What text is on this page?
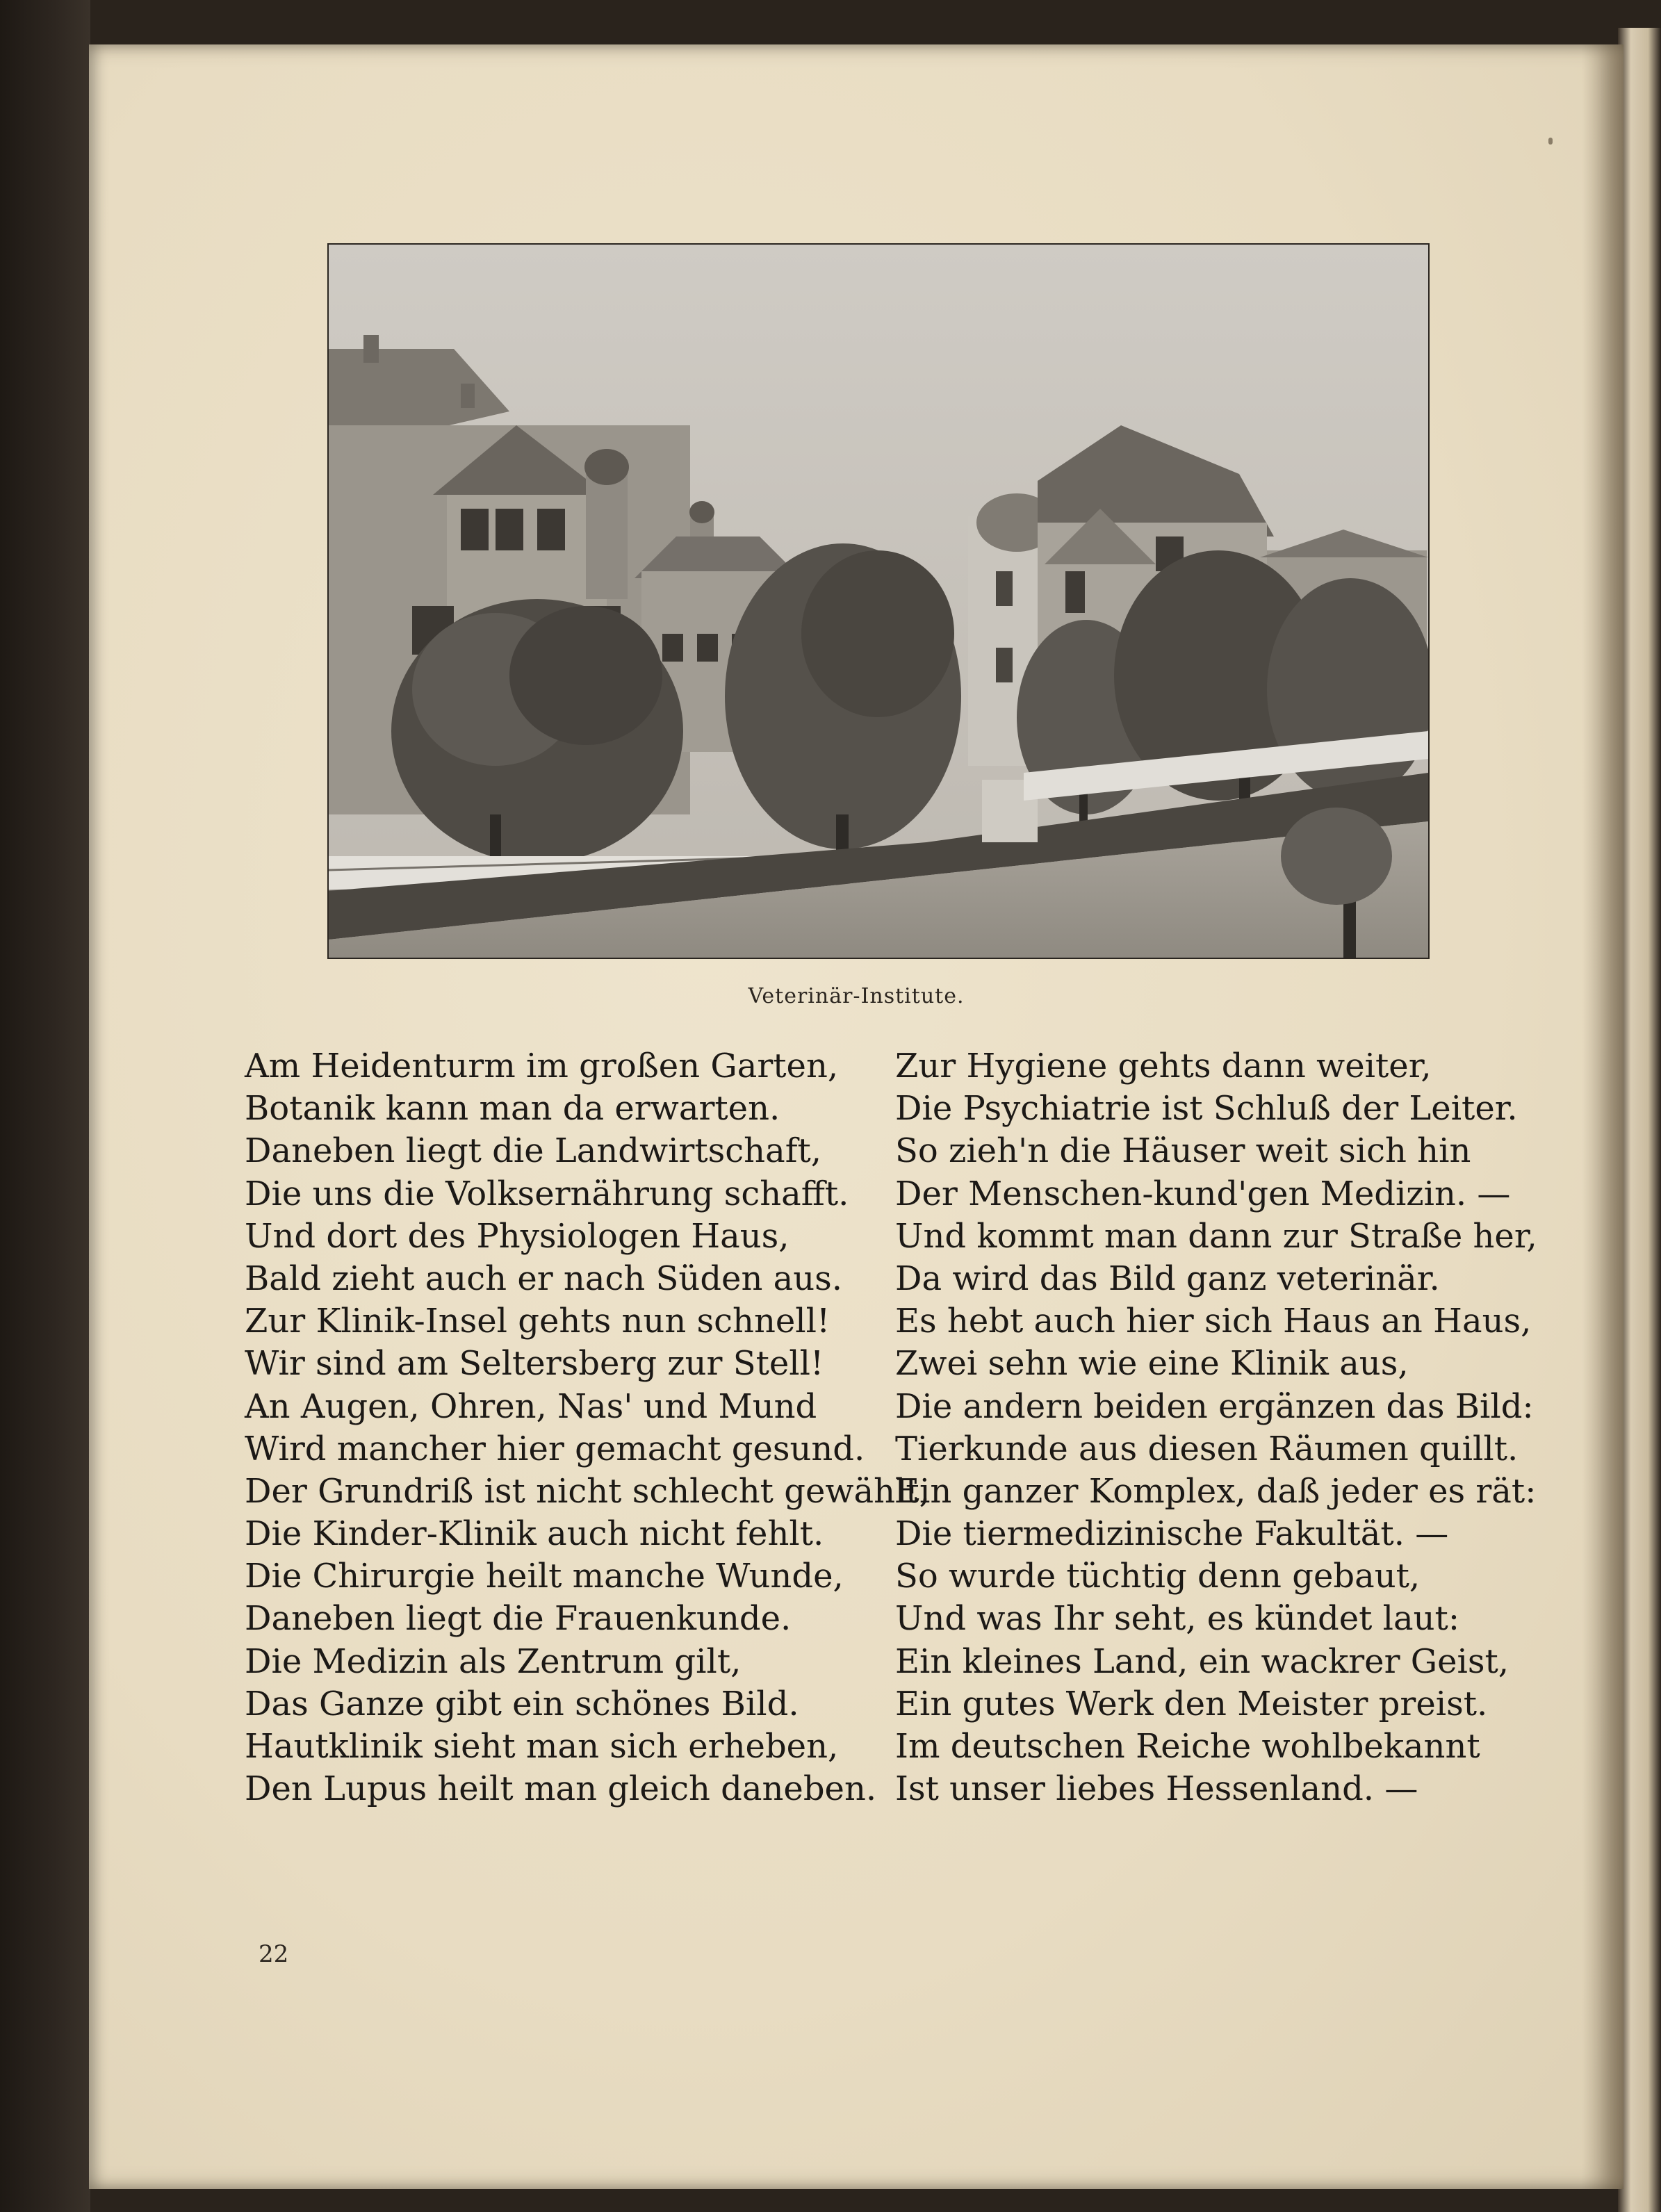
Veterinär-Institute.
Am Heidenturm im großen Garten,
Botanik kann man da erwarten.
Daneben liegt die Landwirtschaft,
Die uns die Volksernährung schafft.
Und dort des Physiologen Haus,
Bald zieht auch er nach Süden aus.
Zur Klinik-Insel gehts nun schnell!
Wir sind am Seltersberg zur Stell!
An Augen, Ohren, Nas' und Mund
Wird mancher hier gemacht gesund.
Der Grundriß ist nicht schlecht gewählt,
Die Kinder-Klinik auch nicht fehlt.
Die Chirurgie heilt manche Wunde,
Daneben liegt die Frauenkunde.
Die Medizin als Zentrum gilt,
Das Ganze gibt ein schönes Bild.
Hautklinik sieht man sich erheben,
Den Lupus heilt man gleich daneben.
Zur Hygiene gehts dann weiter,
Die Psychiatrie ist Schluß der Leiter.
So zieh'n die Häuser weit sich hin
Der Menschen-kund'gen Medizin. —
Und kommt man dann zur Straße her,
Da wird das Bild ganz veterinär.
Es hebt auch hier sich Haus an Haus,
Zwei sehn wie eine Klinik aus,
Die andern beiden ergänzen das Bild:
Tierkunde aus diesen Räumen quillt.
Ein ganzer Komplex, daß jeder es rät:
Die tiermedizinische Fakultät. —
So wurde tüchtig denn gebaut,
Und was Ihr seht, es kündet laut:
Ein kleines Land, ein wackrer Geist,
Ein gutes Werk den Meister preist.
Im deutschen Reiche wohlbekannt
Ist unser liebes Hessenland. —
22
